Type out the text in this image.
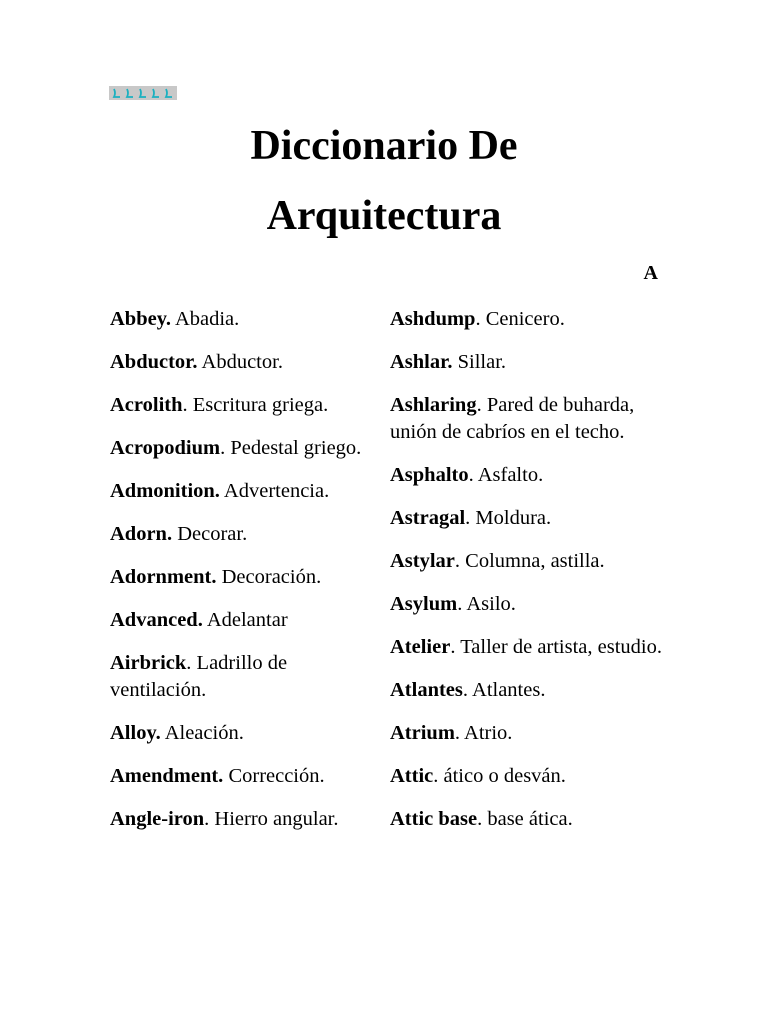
Diccionario De
Arquitectura
A

Abbey. Abadia.

Abductor. Abductor.

Acrolith. Escritura griega.

Acropodium. Pedestal griego.

Admonition. Advertencia.

Adorn. Decorar.

Adornment. Decoración.

Advanced. Adelantar

Airbrick. Ladrillo de ventilación.

Alloy. Aleación.

Amendment. Corrección.

Angle-iron. Hierro angular.

Ashdump. Cenicero.

Ashlar. Sillar.

Ashlaring. Pared de buharda, unión de cabríos en el techo.

Asphalto. Asfalto.

Astragal. Moldura.

Astylar. Columna, astilla.

Asylum. Asilo.

Atelier. Taller de artista, estudio.

Atlantes. Atlantes.

Atrium. Atrio.

Attic. ático o desván.

Attic base. base ática.
